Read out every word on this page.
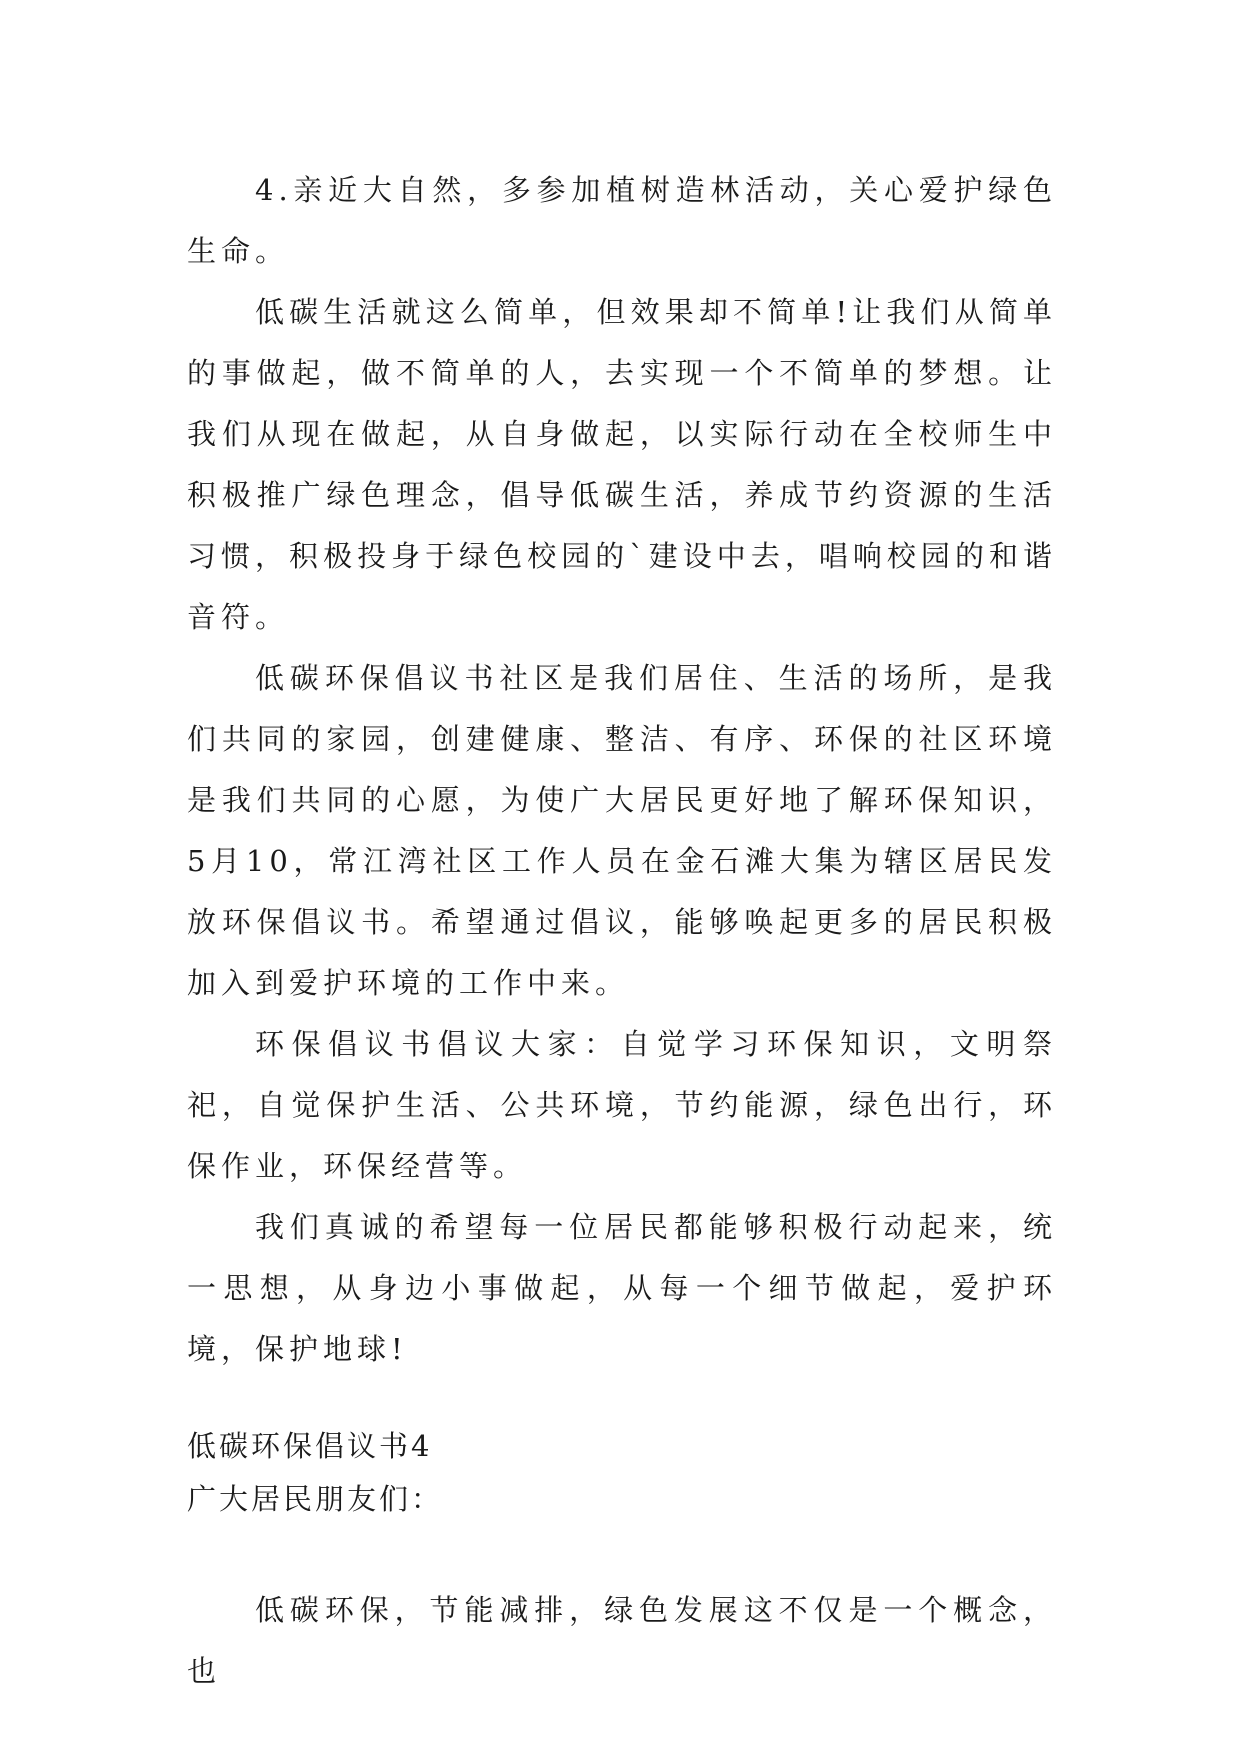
4.亲近大自然，多参加植树造林活动，关心爱护绿色生命。

低碳生活就这么简单，但效果却不简单!让我们从简单的事做起，做不简单的人，去实现一个不简单的梦想。让我们从现在做起，从自身做起，以实际行动在全校师生中积极推广绿色理念，倡导低碳生活，养成节约资源的生活习惯，积极投身于绿色校园的`建设中去，唱响校园的和谐音符。

低碳环保倡议书社区是我们居住、生活的场所，是我们共同的家园，创建健康、整洁、有序、环保的社区环境是我们共同的心愿，为使广大居民更好地了解环保知识，5月10，常江湾社区工作人员在金石滩大集为辖区居民发放环保倡议书。希望通过倡议，能够唤起更多的居民积极加入到爱护环境的工作中来。

环保倡议书倡议大家：自觉学习环保知识，文明祭祀，自觉保护生活、公共环境，节约能源，绿色出行，环保作业，环保经营等。

我们真诚的希望每一位居民都能够积极行动起来，统一思想，从身边小事做起，从每一个细节做起，爱护环境，保护地球!

低碳环保倡议书4

广大居民朋友们：

低碳环保，节能减排，绿色发展这不仅是一个概念，也
